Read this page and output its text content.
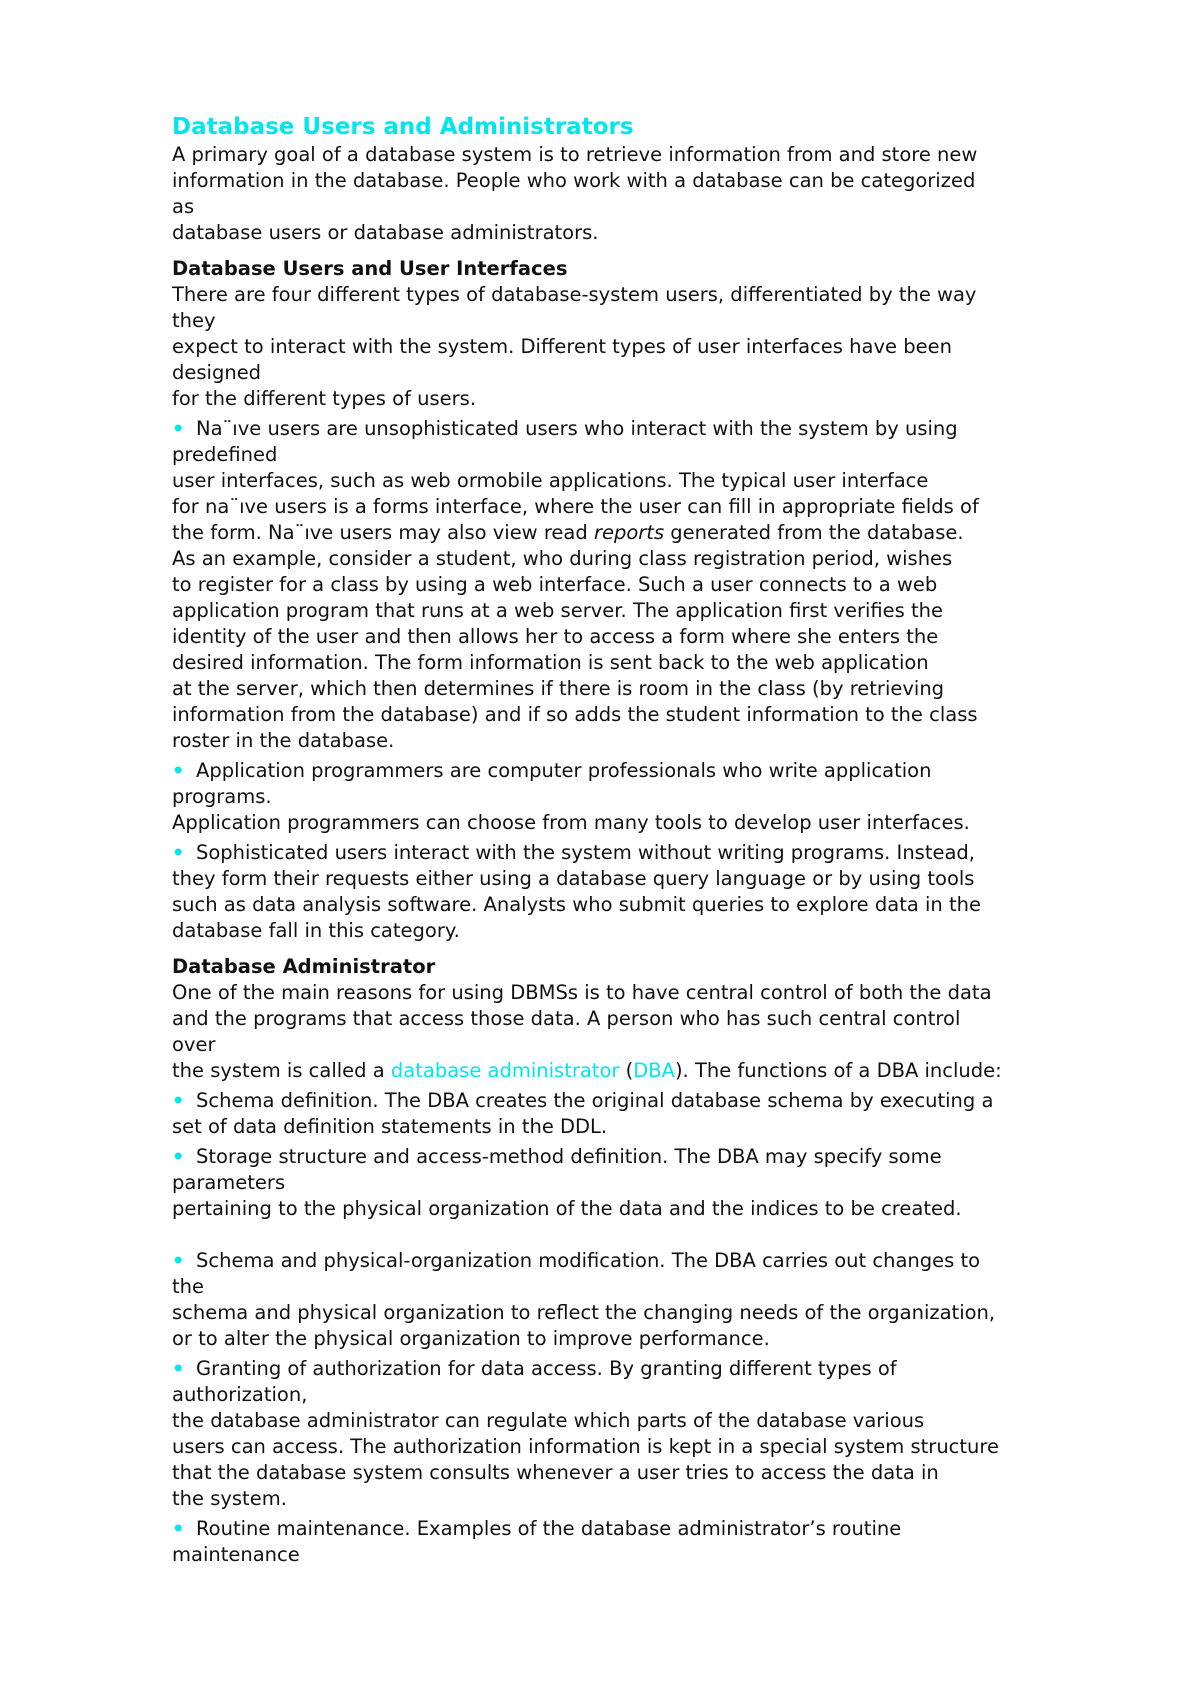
Database Users and Administrators
A primary goal of a database system is to retrieve information from and store new
information in the database. People who work with a database can be categorized
as
database users or database administrators.
Database Users and User Interfaces
There are four different types of database-system users, differentiated by the way
they
expect to interact with the system. Different types of user interfaces have been
designed
for the different types of users.
• Na¨ıve users are unsophisticated users who interact with the system by using
predefined
user interfaces, such as web ormobile applications. The typical user interface
for na¨ıve users is a forms interface, where the user can fill in appropriate fields of
the form. Na¨ıve users may also view read reports generated from the database.
As an example, consider a student, who during class registration period, wishes
to register for a class by using a web interface. Such a user connects to a web
application program that runs at a web server. The application first verifies the
identity of the user and then allows her to access a form where she enters the
desired information. The form information is sent back to the web application
at the server, which then determines if there is room in the class (by retrieving
information from the database) and if so adds the student information to the class
roster in the database.
• Application programmers are computer professionals who write application
programs.
Application programmers can choose from many tools to develop user interfaces.
• Sophisticated users interact with the system without writing programs. Instead,
they form their requests either using a database query language or by using tools
such as data analysis software. Analysts who submit queries to explore data in the
database fall in this category.
Database Administrator
One of the main reasons for using DBMSs is to have central control of both the data
and the programs that access those data. A person who has such central control
over
the system is called a database administrator (DBA). The functions of a DBA include:
• Schema definition. The DBA creates the original database schema by executing a
set of data definition statements in the DDL.
• Storage structure and access-method definition. The DBA may specify some
parameters
pertaining to the physical organization of the data and the indices to be created.
• Schema and physical-organization modification. The DBA carries out changes to
the
schema and physical organization to reflect the changing needs of the organization,
or to alter the physical organization to improve performance.
• Granting of authorization for data access. By granting different types of
authorization,
the database administrator can regulate which parts of the database various
users can access. The authorization information is kept in a special system structure
that the database system consults whenever a user tries to access the data in
the system.
• Routine maintenance. Examples of the database administrator’s routine
maintenance
